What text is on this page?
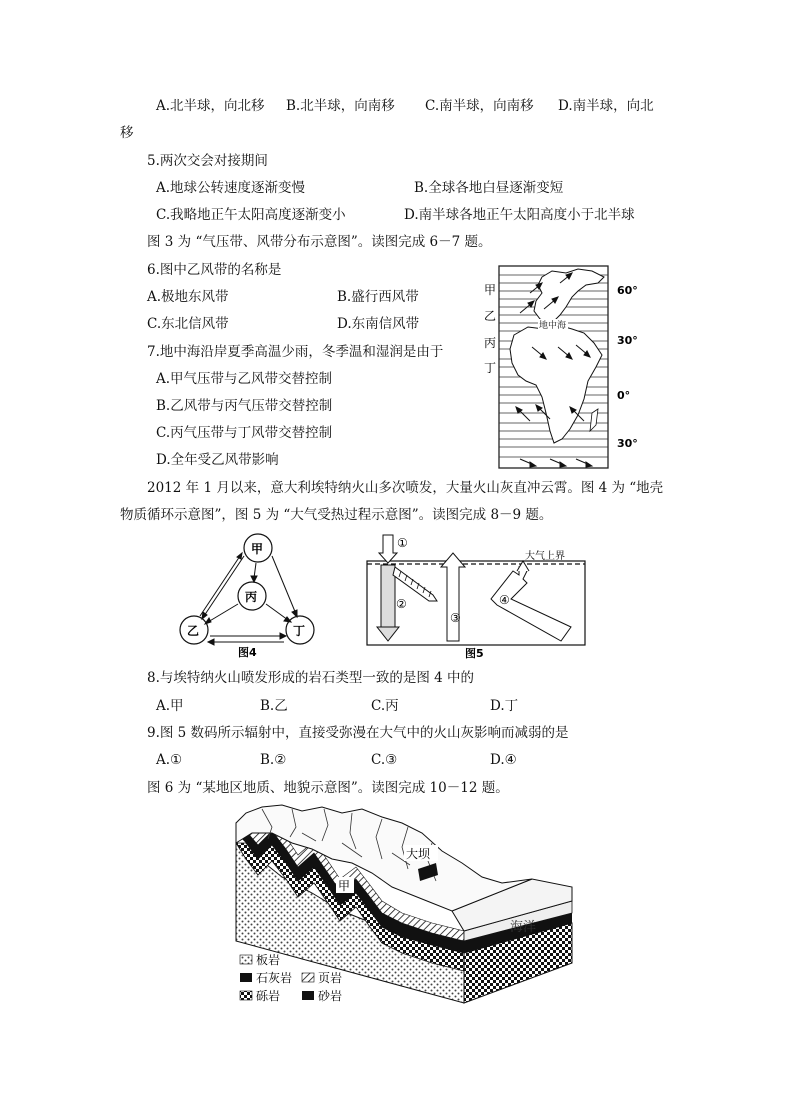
A.北半球，向北移 B.北半球，向南移 C.南半球，向南移 D.南半球，向北
移
5.两次交会对接期间
A.地球公转速度逐渐变慢	B.全球各地白昼逐渐变短
C.我略地正午太阳高度逐渐变小	D.南半球各地正午太阳高度小于北半球
图 3 为 “气压带、风带分布示意图”。读图完成 6－7 题。
6.图中乙风带的名称是
A.极地东风带	B.盛行西风带
C.东北信风带	D.东南信风带
7.地中海沿岸夏季高温少雨，冬季温和湿润是由于
A.甲气压带与乙风带交替控制
B.乙风带与丙气压带交替控制
C.丙气压带与丁风带交替控制
D.全年受乙风带影响
地中海
甲
乙
丙
丁
60°
30°
0°
30°
2012 年 1 月以来，意大利埃特纳火山多次喷发，大量火山灰直冲云霄。图 4 为 “地壳
物质循环示意图”，图 5 为 “大气受热过程示意图”。读图完成 8－9 题。
甲
丙
乙	丁
图4
大气上界
①
②
③
④
图5
8.与埃特纳火山喷发形成的岩石类型一致的是图 4 中的
A.甲	B.乙	C.丙	D.丁
9.图 5 数码所示辐射中，直接受弥漫在大气中的火山灰影响而减弱的是
A.①	B.②	C.③	D.④
图 6 为 “某地区地质、地貌示意图”。读图完成 10－12 题。
大坝
甲
海洋
板岩
石灰岩 页岩
砾岩	砂岩
